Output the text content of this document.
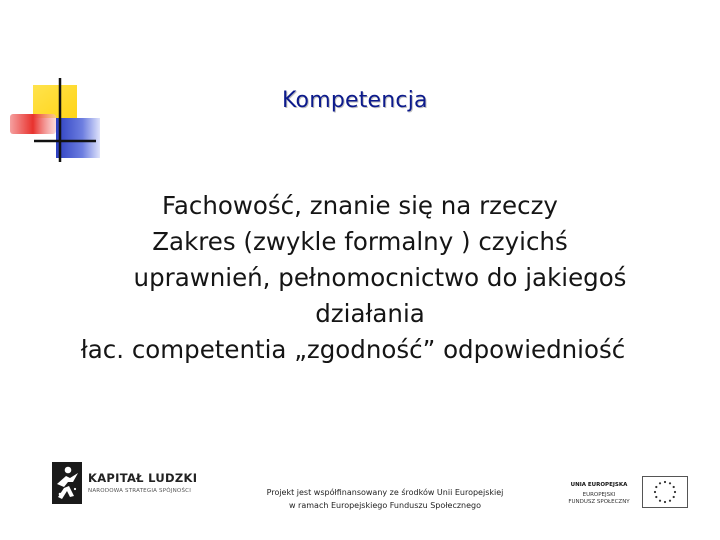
Kompetencja
Fachowość, znanie się na rzeczy
Zakres (zwykle formalny ) czyichś
uprawnień, pełnomocnictwo do jakiegoś
działania
łac. competentia „zgodność” odpowiedniość
KAPITAŁ LUDZKI
NARODOWA STRATEGIA SPÓJNOŚCI	Projekt jest współfinansowany ze środków Unii Europejskiej
w ramach Europejskiego Funduszu Społecznego
UNIA EUROPEJSKA
EUROPEJSKI
FUNDUSZ SPOŁECZNY
